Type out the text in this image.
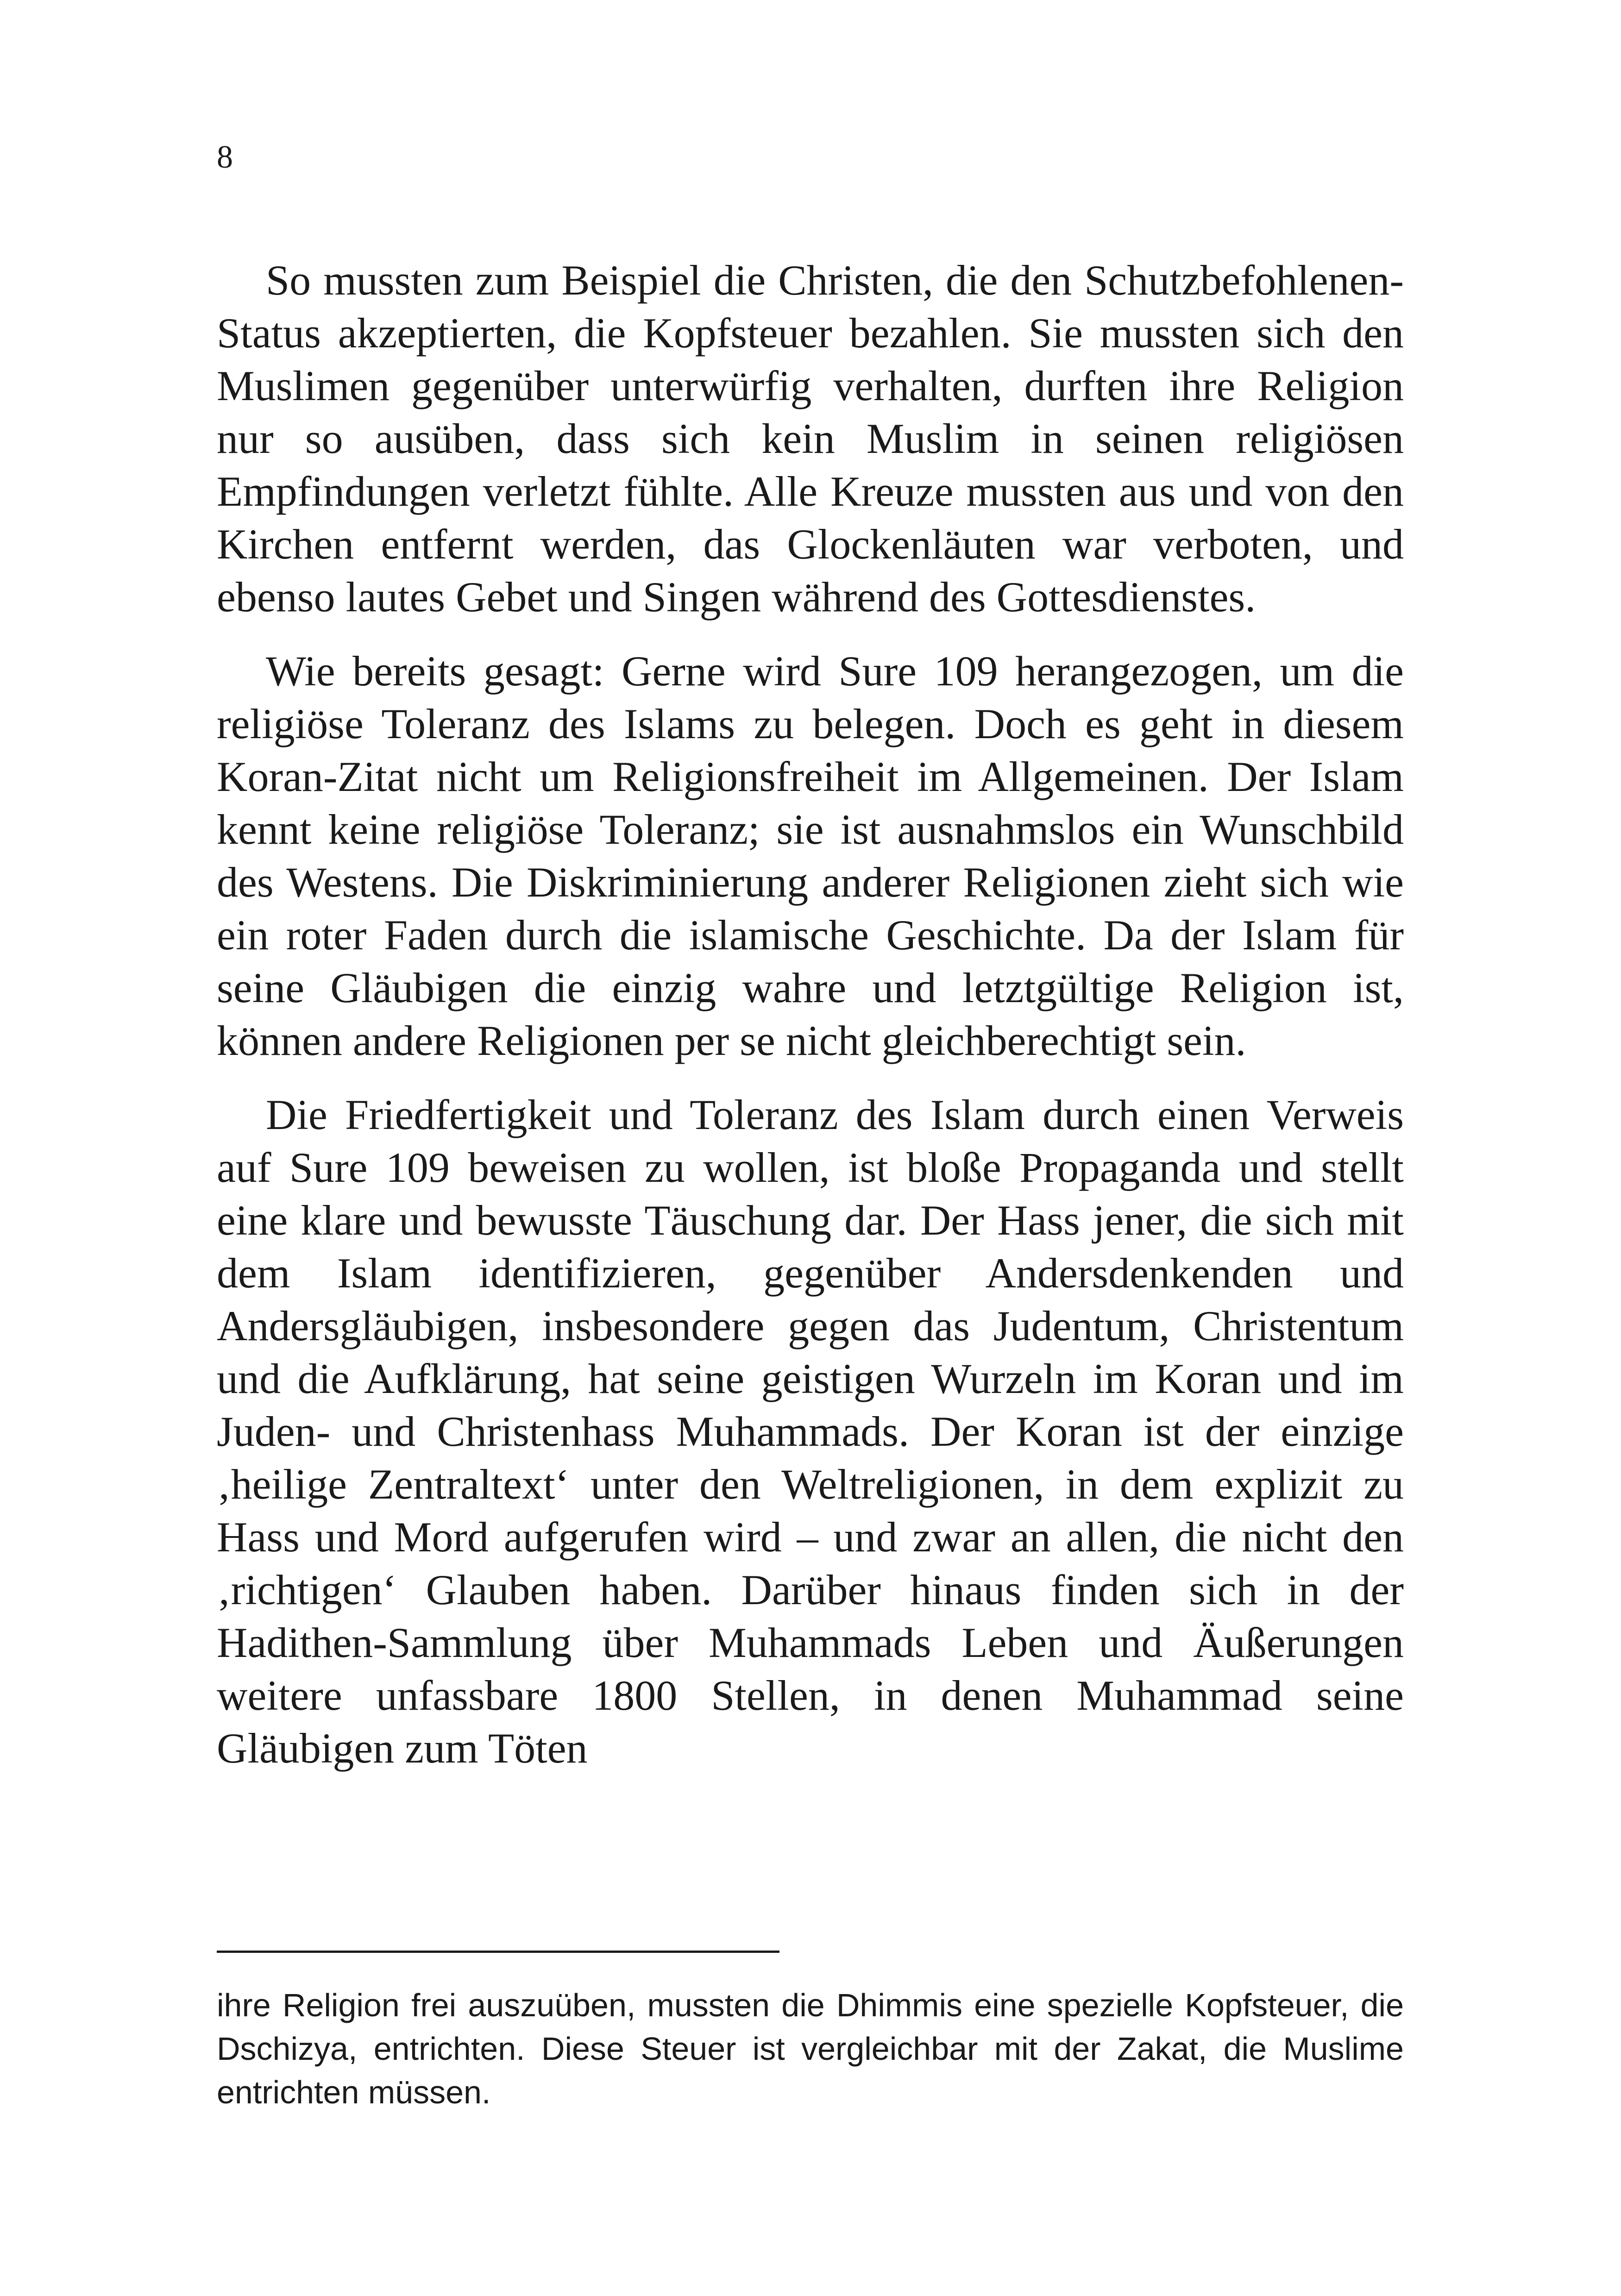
8

So mussten zum Beispiel die Christen, die den Schutzbefohlenen-Status akzeptierten, die Kopfsteuer bezahlen. Sie mussten sich den Muslimen gegenüber unterwürfig verhalten, durften ihre Religion nur so ausüben, dass sich kein Muslim in seinen religiösen Empfindungen verletzt fühlte. Alle Kreuze mussten aus und von den Kirchen entfernt werden, das Glockenläuten war verboten, und ebenso lautes Gebet und Singen während des Gottesdienstes.

Wie bereits gesagt: Gerne wird Sure 109 herangezogen, um die religiöse Toleranz des Islams zu belegen. Doch es geht in diesem Koran-Zitat nicht um Religionsfreiheit im Allgemeinen. Der Islam kennt keine religiöse Toleranz; sie ist ausnahmslos ein Wunschbild des Westens. Die Diskriminierung anderer Religionen zieht sich wie ein roter Faden durch die islamische Geschichte. Da der Islam für seine Gläubigen die einzig wahre und letztgültige Religion ist, können andere Religionen per se nicht gleichberechtigt sein.

Die Friedfertigkeit und Toleranz des Islam durch einen Verweis auf Sure 109 beweisen zu wollen, ist bloße Propaganda und stellt eine klare und bewusste Täuschung dar. Der Hass jener, die sich mit dem Islam identifizieren, gegenüber Andersdenkenden und Andersgläubigen, insbesondere gegen das Judentum, Christentum und die Aufklärung, hat seine geistigen Wurzeln im Koran und im Juden- und Christenhass Muhammads. Der Koran ist der einzige ‚heilige Zentraltext‘ unter den Weltreligionen, in dem explizit zu Hass und Mord aufgerufen wird – und zwar an allen, die nicht den ‚richtigen‘ Glauben haben. Darüber hinaus finden sich in der Hadithen-Sammlung über Muhammads Leben und Äußerungen weitere unfassbare 1800 Stellen, in denen Muhammad seine Gläubigen zum Töten

ihre Religion frei auszuüben, mussten die Dhimmis eine spezielle Kopfsteuer, die Dschizya, entrichten. Diese Steuer ist vergleichbar mit der Zakat, die Muslime entrichten müssen.
